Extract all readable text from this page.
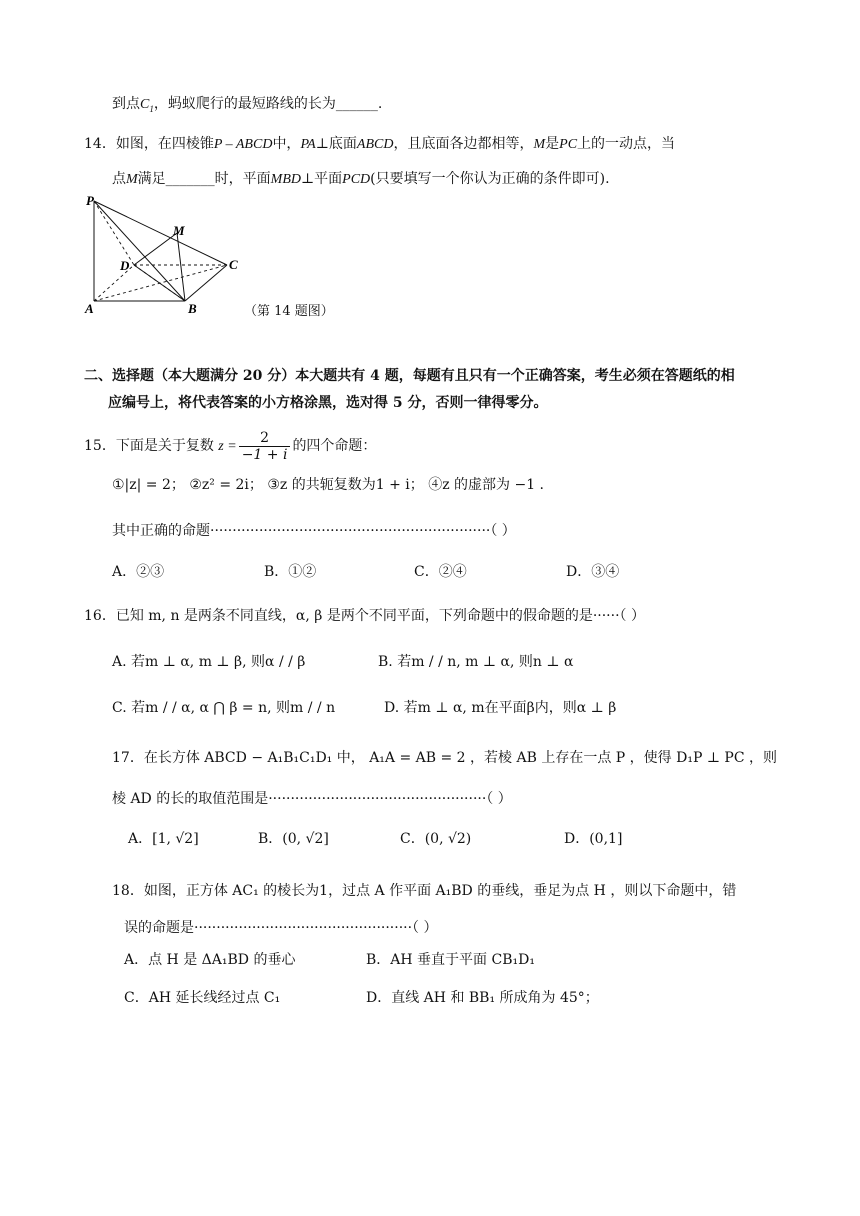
到点$C_1$，蚂蚁爬行的最短路线的长为______.
14．如图，在四棱锥P – ABCD中，PA⊥底面ABCD，且底面各边都相等，M是PC上的一动点，当
点M满足_______时，平面MBD⊥平面PCD(只要填写一个你认为正确的条件即可).
P
M
D	C
A	B	（第 14 题图）
二、选择题（本大题满分 20 分）本大题共有 4 题，每题有且只有一个正确答案，考生必须在答题纸的相
应编号上，将代表答案的小方格涂黑，选对得 5 分，否则一律得零分。
15．下面是关于复数 $z = \frac{2}{-1 + i}$ 的四个命题：
①|z| = 2； ②z² = 2i； ③z 的共轭复数为1 + i； ④z 的虚部为 −1 .
其中正确的命题·······························································（ ）
A．②③	B．①②	C．②④	D．③④
16．已知 m, n 是两条不同直线，α, β 是两个不同平面，下列命题中的假命题的是······（ ）
A. 若m ⊥ α, m ⊥ β, 则α / / β	B. 若m / / n, m ⊥ α, 则n ⊥ α
C. 若m / / α, α ⋂ β = n, 则m / / n	D. 若m ⊥ α, m在平面β内，则α ⊥ β
17．在长方体 ABCD − A₁B₁C₁D₁ 中， A₁A = AB = 2 ，若棱 AB 上存在一点 P ，使得 D₁P ⊥ PC ，则
棱 AD 的长的取值范围是·················································（ ）
A．[1, √2]	B．(0, √2]	C．(0, √2)	D．(0,1]
18．如图，正方体 AC₁ 的棱长为1，过点 A 作平面 A₁BD 的垂线，垂足为点 H ，则以下命题中，错
误的命题是·················································（ ）
A．点 H 是 ΔA₁BD 的垂心	B．AH 垂直于平面 CB₁D₁
C．AH 延长线经过点 C₁	D．直线 AH 和 BB₁ 所成角为 45°；
